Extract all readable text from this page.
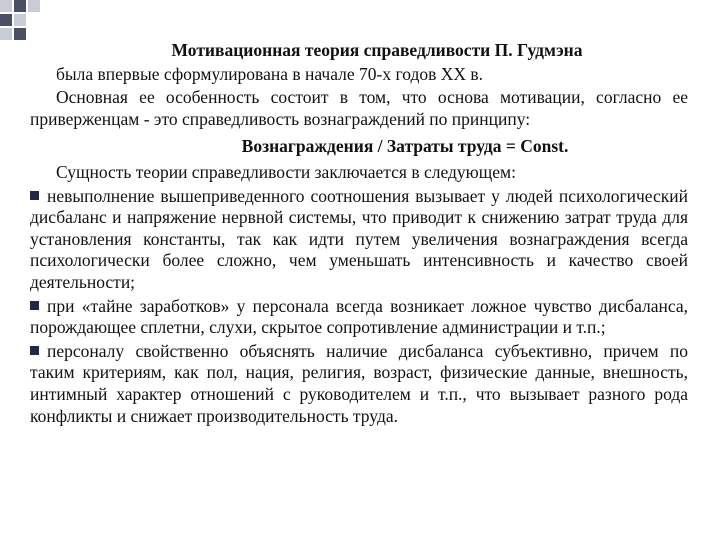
Мотивационная теория справедливости П. Гудмэна
была впервые сформулирована в начале 70-х годов XX в.
Основная ее особенность состоит в том, что основа мотивации, согласно ее приверженцам - это справедливость вознаграждений по принципу:
Вознаграждения / Затраты труда = Const.
Сущность теории справедливости заключается в следующем:
невыполнение вышеприведенного соотношения вызывает у людей психологический дисбаланс и напряжение нервной системы, что приводит к снижению затрат труда для установления константы, так как идти путем увеличения вознаграждения всегда психологически более сложно, чем уменьшать интенсивность и качество своей деятельности;
при «тайне заработков» у персонала всегда возникает ложное чувство дисбаланса, порождающее сплетни, слухи, скрытое сопротивление администрации и т.п.;
персоналу свойственно объяснять наличие дисбаланса субъективно, причем по таким критериям, как пол, нация, религия, возраст, физические данные, внешность, интимный характер отношений с руководителем и т.п., что вызывает разного рода конфликты и снижает производительность труда.
